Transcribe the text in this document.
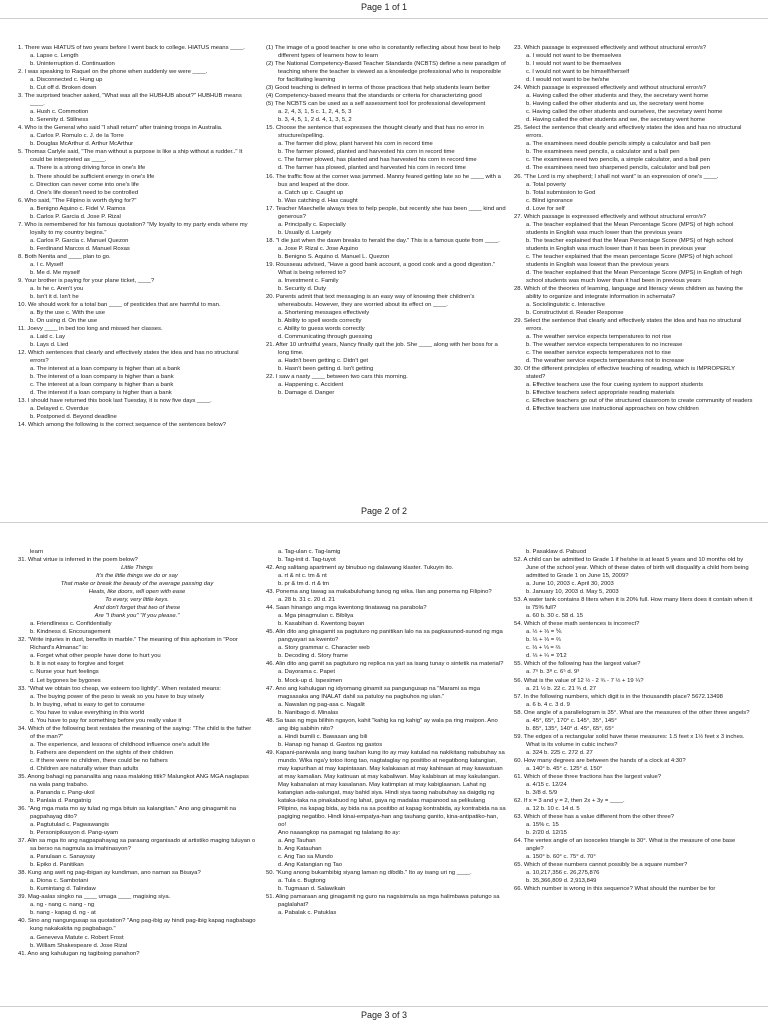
Page 1 of 1
1. There was HIATUS of two years before I went back to college. HIATUS means ____.
a. Lapse c. Length
b. Uninterruption d. Continuation
2. I was speaking to Raquel on the phone when suddenly we were ____.
a. Disconnected c. Hung up
b. Cut off d. Broken down
3. The surprised teacher asked, "What was all the HUBHUB about?" HUBHUB means ____.
a. Hush c. Commotion
b. Serenity d. Stillness
4. Who is the General who said "I shall return" after training troops in Australia.
a. Carlos P. Romulo c. J. de la Torre
b. Douglas McArthur d. Arthur McArthur
5. Thomas Carlyle said, "The man without a purpose is like a ship without a rudder.." It could be interpreted as ____.
a. There is a strong driving force in one's life
b. There should be sufficient energy in one's life
c. Direction can never come into one's life
d. One's life doesn't need to be controlled
6. Who said, "The Filipino is worth dying for?"
a. Benigno Aquino c. Fidel V. Ramos
b. Carlos P. Garcia d. Jose P. Rizal
7. Who is remembered for his famous quotation? "My loyalty to my party ends where my loyalty to my country begins."
a. Carlos P. Garcia c. Manuel Quezon
b. Ferdinand Marcos d. Manuel Roxas
8. Both Nenita and ____ plan to go.
a. I c. Myself
b. Me d. Me myself
9. Your brother is paying for your plane ticket, ____?
a. Is he c. Aren't you
b. Isn't it d. Isn't he
10. We should work for a total ban ____ of pesticides that are harmful to man.
a. By the use c. With the use
b. On using d. On the use
11. Joevy ____ in bed too long and missed her classes.
a. Laid c. Lay
b. Lays d. Lied
12. Which sentences that clearly and effectively states the idea and has no structural errors?
a. The interest at a loan company is higher than at a bank
b. The interest of a loan company is higher than a bank
c. The interest at a loan company is higher than a bank
d. The interest if a loan company is higher than a bank
13. I should have returned this book last Tuesday, it is now five days ____.
a. Delayed c. Overdue
b. Postponed d. Beyond deadline
14. Which among the following is the correct sequence of the sentences below?
(1) The image of a good teacher is one who is constantly reflecting about how best to help different types of learners how to learn
(2) The National Competency-Based Teacher Standards (NCBTS) define a new paradigm of teaching where the teacher is viewed as a knowledge professional who is responsible for facilitating learning
(3) Good teaching is defined in terms of those practices that help students learn better
(4) Competency-based means that the standards or criteria for characterizing good
(5) The NCBTS can be used as a self assessment tool for professional development
a. 2, 4, 3, 1, 5 c. 1, 2, 4, 5, 3
b. 3, 4, 5, 1, 2 d. 4, 1, 3, 5, 2
15. Choose the sentence that expresses the thought clearly and that has no error in structure/spelling.
a. The farmer did plow, plant harvest his corn in record time
b. The farmer plowed, planted and harvested his corn in record time
c. The farmer plowed, has planted and has harvested his corn in record time
d. The farmer has plowed, planted and harvested his corn in record time
16. The traffic flow at the corner was jammed. Manny feared getting late so he ____ with a bus and leaped at the door.
a. Catch up c. Caught up
b. Was catching d. Has caught
17. Teacher Maechelle always tries to help people, but recently she has been ____ kind and generous?
a. Principally c. Especially
b. Usually d. Largely
18. "I die just when the dawn breaks to herald the day." This is a famous quote from ____.
a. Jose P. Rizal c. Jose Aquino
b. Benigno S. Aquino d. Manuel L. Quezon
19. Rousseau advised, "Have a good bank account, a good cook and a good digestion." What is being referred to?
a. Investment c. Family
b. Security d. Duty
20. Parents admit that text messaging is an easy way of knowing their children's whereabouts. However, they are worried about its effect on ____.
a. Shortening messages effectively
b. Ability to spell words correctly
c. Ability to guess words correctly
d. Communicating through guessing
21. After 10 unfruitful years, Nancy finally quit the job. She ____ along with her boss for a long time.
a. Hadn't been getting c. Didn't get
b. Hasn't been getting d. Isn't getting
22. I saw a nasty ____ between two cars this morning.
a. Happening c. Accident
b. Damage d. Danger
23. Which passage is expressed effectively and without structural error/s?
a. I would not want to be themselves
b. I would not want to be themselves
c. I would not want to be himself/herself
d. I would not want to be he/she
24. Which passage is expressed effectively and without structural error/s?
a. Having called the other students and they, the secretary went home
b. Having called the other students and us, the secretary went home
c. Having called the other students and ourselves, the secretary went home
d. Having called the other students and we, the secretary went home
25. Select the sentence that clearly and effectively states the idea and has no structural errors.
a. The examinees need double pencils simply a calculator and ball pen
b. The examinees need pencils, a calculator and a ball pen
c. The examinees need two pencils, a simple calculator, and a ball pen
d. The examinees need two sharpened pencils, calculator and ball pen
26. "The Lord is my shepherd; I shall not want" is an expression of one's ____.
a. Total poverty
b. Total submission to God
c. Blind ignorance
d. Love for self
27. Which passage is expressed effectively and without structural error/s?
a. The teacher explained that the Mean Percentage Score (MPS) of high school students in English was much lower than the previous years
b. The teacher explained that the Mean Percentage Score (MPS) of high school students in English was much lower than it has been in previous year
c. The teacher explained that the mean percentage Score (MPS) of high school students in English was lowest than the previous years
d. The teacher explained that the Mean Percentage Score (MPS) in English of high school students was much lower than it had been in previous years
28. Which of the theories of learning, language and literacy views children as having the ability to organize and integrate information in schemata?
a. Sociolinguistic c. Interactive
b. Constructivist d. Reader Response
29. Select the sentence that clearly and effectively states the idea and has no structural errors.
a. The weather service expects temperatures to not rise
b. The weather service expects temperatures to no increase
c. The weather service expects temperatures not to rise
d. The weather service expects temperatures not to increase
30. Of the different principles of effective teaching of reading, which is IMPROPERLY stated?
a. Effective teachers use the four cueing system to support students
b. Effective teachers select appropriate reading materials
c. Effective teachers go out of the structured classroom to create community of readers
d. Effective teachers use instructional approaches on how children
Page 2 of 2
learn
31. What virtue is inferred in the poem below?
Little Things
It's the little things we do or say
That make or break the beauty of the average passing day
Heats, like doors, will open with ease
To every, very little keys.
And don't forget that two of these
Are "I thank you" "If you please."
a. Friendliness c. Confidentially
b. Kindness d. Encouragement
32. "Write injuries in dust, benefits in marble." The meaning of this aphorism in "Poor Richard's Almanac" is:
a. Forget what other people have done to hurt you
b. It is not easy to forgive and forget
c. Nurse your hurt feelings
d. Let bygones be bygones
33. "What we obtain too cheap, we esteem too lightly". When restated means:
a. The buying power of the peso is weak so you have to buy wisely
b. In buying, what is easy to get to consume
c. You have to value everything in this world
d. You have to pay for something before you really value it
34. Which of the following best restates the meaning of the saying: "The child is the father of the man?"
a. The experience, and lessons of childhood influence one's adult life
b. Fathers are dependent on the sights of their children
c. If there were no children, there could be no fathers
d. Children are naturally wiser than adults
35. Anong bahagi ng pananalita ang nasa malaking titik? Malungkot ANG MGA naglapas na wala pang trabaho.
a. Pananda c. Pang-ukol
b. Panlaia d. Pangatnig
36. "Ang mga mata mo ay tulad ng mga bituin sa kalangitan." Ano ang ginagamit na pagpahayag dito?
a. Pagtutulad c. Pagwawangis
b. Personipikasyon d. Pang-uyam
37. Alin sa mga ito ang nagpapahayag sa paraang organisado at artistiko maging tuluyan o sa berso na nagmula sa imahinasyon?
a. Panulaan c. Sanaysay
b. Epiko d. Panitikan
38. Kung ang awit ng pag-ibigan ay kundiman, ano naman sa Bisaya?
a. Diona c. Sambotani
b. Kumintang d. Talindaw
39. Mag-aalas singko na ____ umaga ____ magising siya.
a. ng - nang c. nang - ng
b. nang - kapag d. ng - at
40. Sino ang nangungusap sa quotation? "Ang pag-ibig ay hindi pag-ibig kapag nagbabago kung nakakakita ng pagbabago."
a. Geneveva Matute c. Robert Frost
b. William Shakespeare d. Jose Rizal
41. Ano ang kahulugan ng tagibsing panahon?
a. Tag-ulan c. Tag-lamig
b. Tag-init d. Tag-tuyot
42. Ang salitang apartment ay binubuo ng dalawang klaster. Tukuyin ito.
a. rt & nt c. tm & nt
b. pr & tm d. rt & tm
43. Ponema ang tawag sa makabuluhang tunog ng wika. Ilan ang ponema ng Filipino?
a. 28 b. 31 c. 20 d. 21
44. Saan hinango ang mga kwentong tinatawag na parabola?
a. Mga pinagmulan c. Bibliya
b. Kasabihan d. Kwentong bayan
45. Alin dito ang ginagamit sa pagtuturo ng panitikan lalo na sa pagkasunod-sunod ng mga pangyayari sa kwento?
a. Story grammar c. Character web
b. Decoding d. Story frame
46. Alin dito ang gamit sa pagtuturo ng replica na yari sa isang tunay o sintetik na material?
a. Dayorama c. Papet
b. Mock-up d. Ispesimen
47. Ano ang kahulugan ng idyomang ginamit sa pangungusap na "Marami sa mga magsasaka ang INALAT dahil sa patuloy na pagbuhos ng ulan."
a. Nawalan ng pag-asa c. Nagalit
b. Nanibago d. Minalas
48. Sa taas ng mga bilihin ngayon, kahit "kahig ka ng kahig" ay wala pa ring maipon. Ano ang ibig sabihin nito?
a. Hindi bumili c. Bawasan ang bili
b. Hanap ng hanap d. Gastos ng gastos
49. Kapani-paniwala ang isang tauhan kung ito ay may katulad na nakikitang nabubuhay sa mundo. Wika nga'y totoo itong tao, nagtataglay ng positibo at negatibong katangian, may kapurihan at may kapintasan. May kalakasan at may kahinaan at may kawastuan at may kamalian. May katinuan at may kabaliwan. May kalabisan at may kakulangan. May kabanalan at may kasalanan. May katimpian at may kabiglaanan. Lahat ng katangian ada-salungat, may bahid siya. Hindi siya taong nabubuhay sa daigdig ng kataka-taka na pinakabuod ng lahat, gaya ng madalas mapanood sa pelikulang Pilipino, na kapag bida, ay bida na sa positibo at kapag kontrabida, ay kontrabida na sa pagiging negatibo. Hindi kinai-empatya-han ang tauhang ganito, kina-antipatiko-han, oo!
Ano naaangkop na pamagat ng talatang ito ay:
a. Ang Tauhan
b. Ang Katauhan
c. Ang Tao sa Mundo
d. Ang Katangian ng Tao
50. "Kung anong bukambibig siyang laman ng dibdib." Ito ay isang uri ng ____.
a. Tula c. Bugtong
b. Tugmaan d. Salawikain
51. Aling pamaraan ang ginagamit ng guro na nagsisimula sa mga halimbawa patungo sa paglalahat?
a. Pabalak c. Patuklas
b. Pasaklaw d. Pabuod
52. A child can be admitted to Grade 1 if he/she is at least 5 years and 10 months old by June of the school year. Which of these dates of birth will disqualify a child from being admitted to Grade 1 on June 15, 2009?
a. June 10, 2003 c. April 30, 2003
b. January 10, 2003 d. May 5, 2003
53. A water tank contains 8 liters when it is 20% full. How many liters does it contain when it is 75% full?
a. 60 b. 30 c. 58 d. 15
54. Which of these math sentences is incorrect?
a. ½ + ⅓ = ⅚
b. ⅓ + ⅓ = ⅔
c. ⅓ + ⅓ = ⅔
d. ⅓ + ¼ = 7⁄12
55. Which of the following has the largest value?
a. 7⁶ b. 3⁸ c. 6⁵ d. 9³
56. What is the value of 12 ½ - 2 ¾ - 7 ½ + 19 ¼?
a. 21 ½ b. 22 c. 21 ¾ d. 27
57. In the following numbers, which digit is in the thousandth place? 5672.13498
a. 6 b. 4 c. 3 d. 9
58. One angle of a parallelogram is 35°. What are the measures of the other three angels?
a. 45°, 65°, 170° c. 145°, 35°, 145°
b. 85°, 135°, 140° d. 45°, 65°, 65°
59. The edges of a rectangular solid have these measures: 1.5 feet x 1½ feet x 3 inches. What is its volume in cubic inches?
a. 324 b. 225 c. 272 d. 27
60. How many degrees are between the hands of a clock at 4:30?
a. 140° b. 45° c. 125° d. 150°
61. Which of these three fractions has the largest value?
a. 4/15 c. 12/24
b. 3/8 d. 5/9
62. If x = 3 and y = 2, then 2x + 3y = ____.
a. 12 b. 10 c. 14 d. 5
63. Which of these has a value different from the other three?
a. 15% c. 15
b. 2/20 d. 12/15
64. The vertex angle of an isosceles triangle is 30°. What is the measure of one base angle?
a. 150° b. 60° c. 75° d. 70°
65. Which of these numbers cannot possibly be a square number?
a. 10,217,356 c. 26,275,876
b. 35,366,809 d. 2,913,849
66. Which number is wrong in this sequence? What should the number be for
Page 3 of 3
